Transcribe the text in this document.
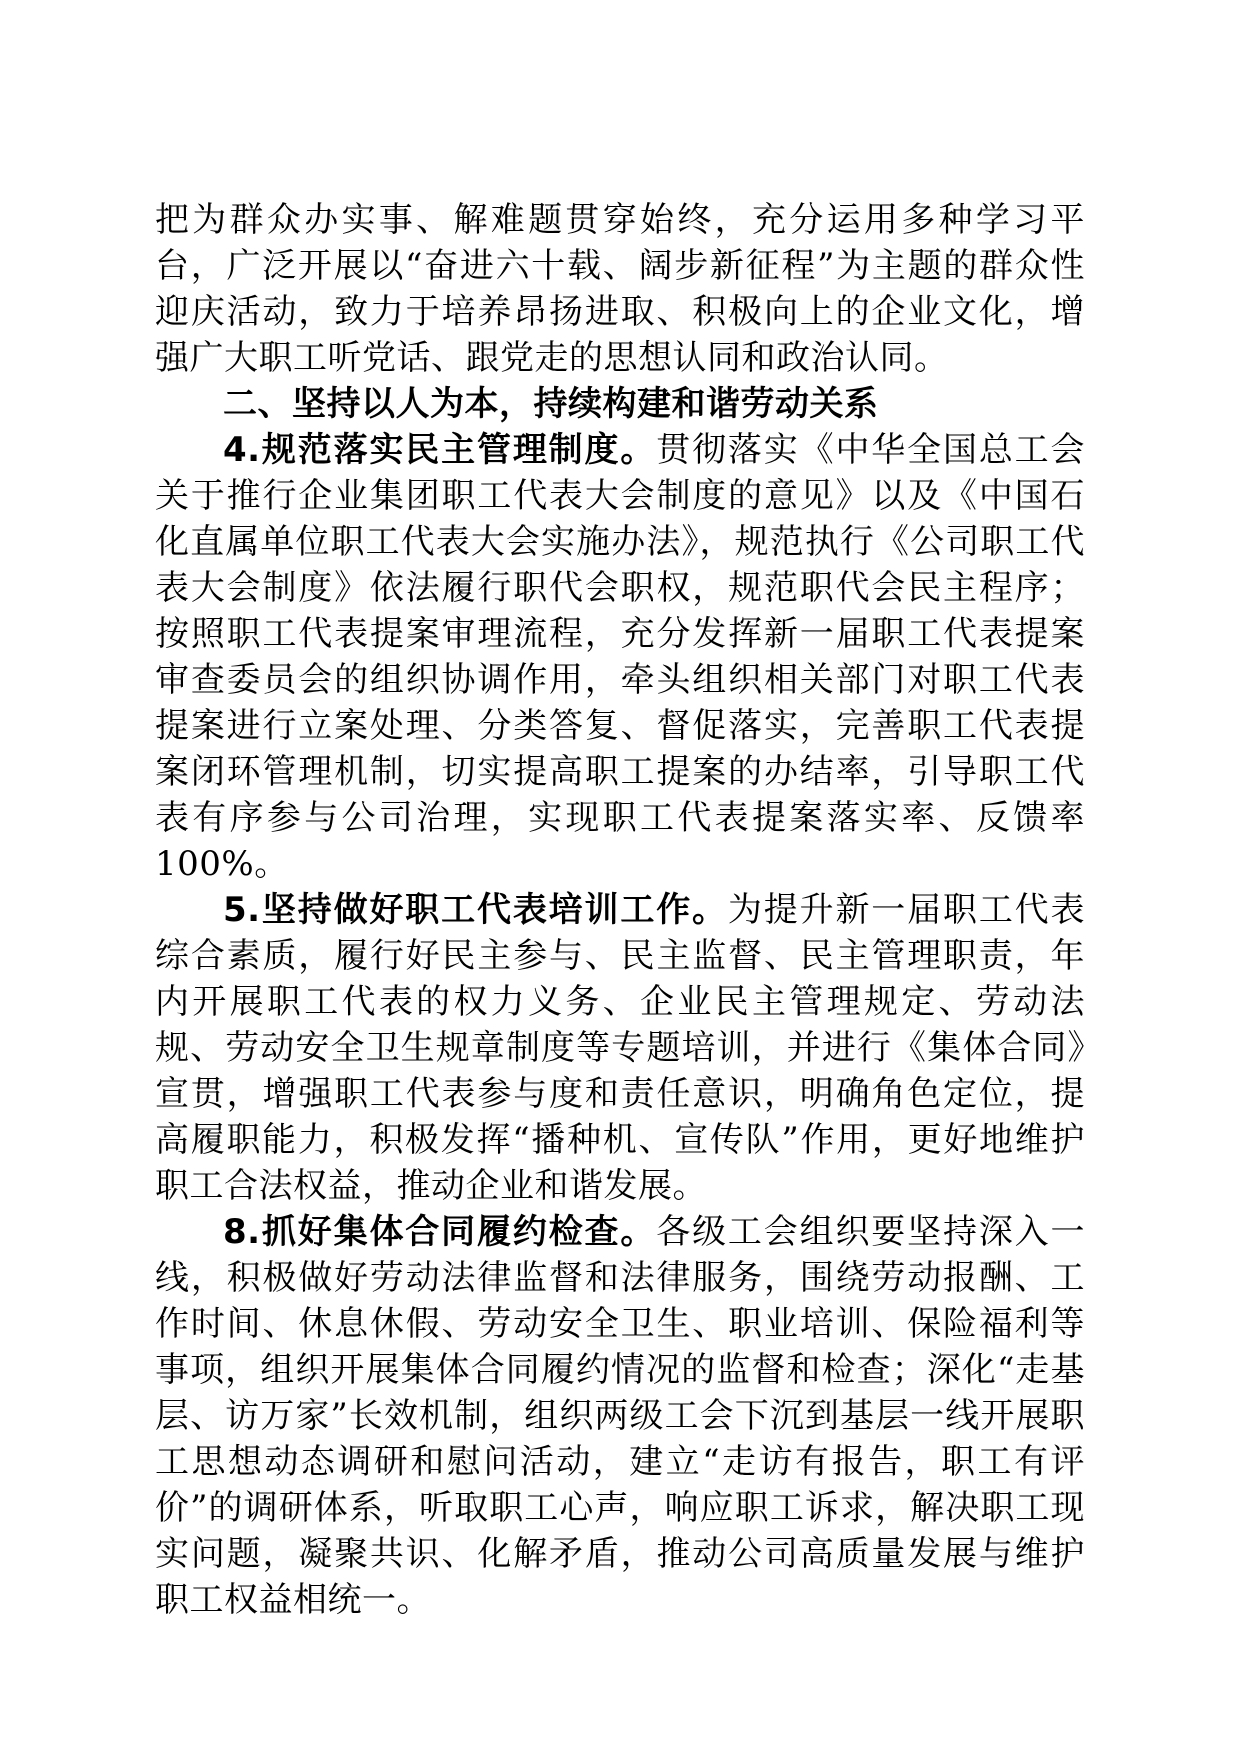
把为群众办实事、解难题贯穿始终，充分运用多种学习平台，广泛开展以“奋进六十载、阔步新征程”为主题的群众性迎庆活动，致力于培养昂扬进取、积极向上的企业文化，增强广大职工听党话、跟党走的思想认同和政治认同。

二、坚持以人为本，持续构建和谐劳动关系

4.规范落实民主管理制度。贯彻落实《中华全国总工会关于推行企业集团职工代表大会制度的意见》以及《中国石化直属单位职工代表大会实施办法》，规范执行《公司职工代表大会制度》依法履行职代会职权，规范职代会民主程序；按照职工代表提案审理流程，充分发挥新一届职工代表提案审查委员会的组织协调作用，牵头组织相关部门对职工代表提案进行立案处理、分类答复、督促落实，完善职工代表提案闭环管理机制，切实提高职工提案的办结率，引导职工代表有序参与公司治理，实现职工代表提案落实率、反馈率100%。

5.坚持做好职工代表培训工作。为提升新一届职工代表综合素质，履行好民主参与、民主监督、民主管理职责，年内开展职工代表的权力义务、企业民主管理规定、劳动法规、劳动安全卫生规章制度等专题培训，并进行《集体合同》宣贯，增强职工代表参与度和责任意识，明确角色定位，提高履职能力，积极发挥“播种机、宣传队”作用，更好地维护职工合法权益，推动企业和谐发展。

8.抓好集体合同履约检查。各级工会组织要坚持深入一线，积极做好劳动法律监督和法律服务，围绕劳动报酬、工作时间、休息休假、劳动安全卫生、职业培训、保险福利等事项，组织开展集体合同履约情况的监督和检查；深化“走基层、访万家”长效机制，组织两级工会下沉到基层一线开展职工思想动态调研和慰问活动，建立“走访有报告，职工有评价”的调研体系，听取职工心声，响应职工诉求，解决职工现实问题，凝聚共识、化解矛盾，推动公司高质量发展与维护职工权益相统一。
